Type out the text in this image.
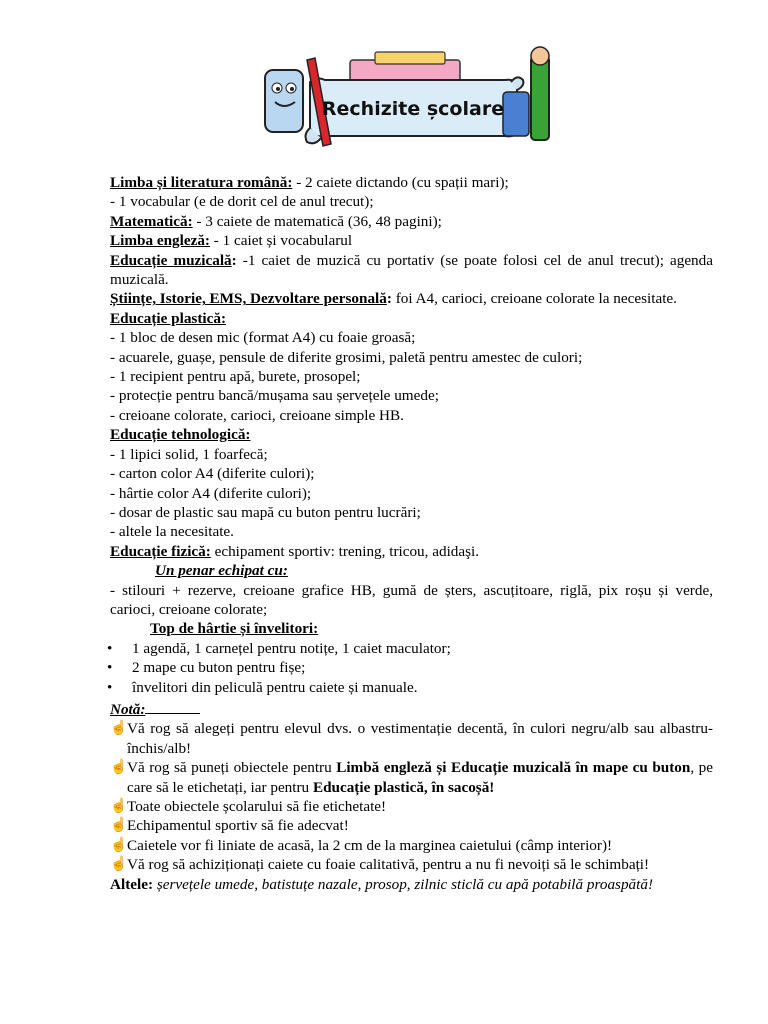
Rechizite școlare
Limba și literatura română: - 2 caiete dictando (cu spații mari);
- 1 vocabular (e de dorit cel de anul trecut);
Matematică: - 3 caiete de matematică (36, 48 pagini);
Limba engleză: - 1 caiet și vocabularul
Educație muzicală: -1 caiet de muzică cu portativ (se poate folosi cel de anul trecut); agenda muzicală.
Științe, Istorie, EMS, Dezvoltare personală: foi A4, carioci, creioane colorate la necesitate.
Educație plastică:
- 1 bloc de desen mic (format A4) cu foaie groasă;
- acuarele, guașe, pensule de diferite grosimi, paletă pentru amestec de culori;
- 1 recipient pentru apă, burete, prosopel;
- protecție pentru bancă/mușama sau șervețele umede;
- creioane colorate, carioci, creioane simple HB.
Educație tehnologică:
- 1 lipici solid, 1 foarfecă;
- carton color A4 (diferite culori);
- hârtie color A4 (diferite culori);
- dosar de plastic sau mapă cu buton pentru lucrări;
- altele la necesitate.
Educație fizică: echipament sportiv: trening, tricou, adidaşi.
Un penar echipat cu:
- stilouri + rezerve, creioane grafice HB, gumă de șters, ascuțitoare, riglă, pix roșu și verde, carioci, creioane colorate;
Top de hârtie și învelitori:
• 1 agendă, 1 carnețel pentru notițe, 1 caiet maculator;
• 2 mape cu buton pentru fișe;
• învelitori din peliculă pentru caiete și manuale.
Notă:
☝ Vă rog să alegeți pentru elevul dvs. o vestimentație decentă, în culori negru/alb sau albastru-închis/alb!
☝ Vă rog să puneți obiectele pentru Limbă engleză și Educație muzicală în mape cu buton, pe care să le etichetați, iar pentru Educație plastică, în sacoșă!
☝ Toate obiectele școlarului să fie etichetate!
☝ Echipamentul sportiv să fie adecvat!
☝ Caietele vor fi liniate de acasă, la 2 cm de la marginea caietului (câmp interior)!
☝ Vă rog să achiziționați caiete cu foaie calitativă, pentru a nu fi nevoiți să le schimbați!
Altele: șervețele umede, batistuțe nazale, prosop, zilnic sticlă cu apă potabilă proaspătă!
